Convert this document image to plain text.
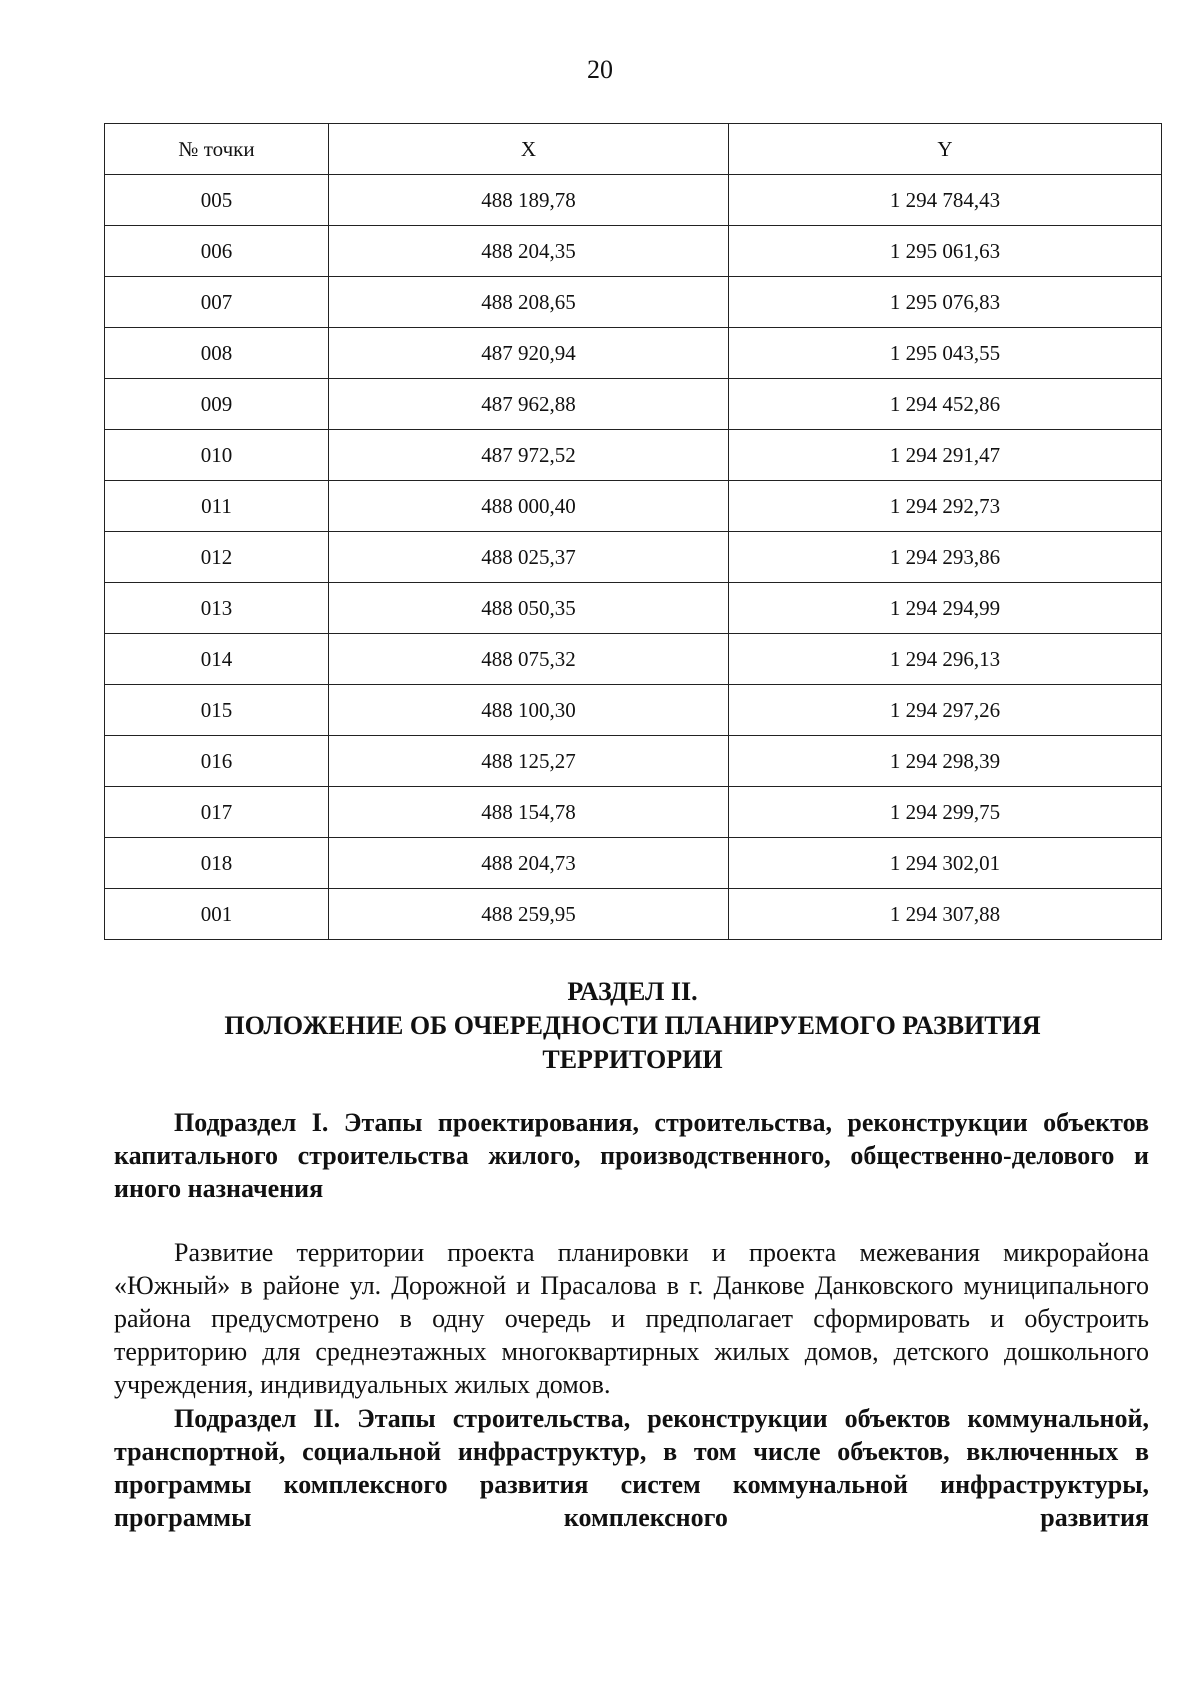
20
№ точки	X	Y
005	488 189,78	1 294 784,43
006	488 204,35	1 295 061,63
007	488 208,65	1 295 076,83
008	487 920,94	1 295 043,55
009	487 962,88	1 294 452,86
010	487 972,52	1 294 291,47
011	488 000,40	1 294 292,73
012	488 025,37	1 294 293,86
013	488 050,35	1 294 294,99
014	488 075,32	1 294 296,13
015	488 100,30	1 294 297,26
016	488 125,27	1 294 298,39
017	488 154,78	1 294 299,75
018	488 204,73	1 294 302,01
001	488 259,95	1 294 307,88
РАЗДЕЛ II.
ПОЛОЖЕНИЕ ОБ ОЧЕРЕДНОСТИ ПЛАНИРУЕМОГО РАЗВИТИЯ
ТЕРРИТОРИИ

Подраздел I. Этапы проектирования, строительства, реконструкции объектов капитального строительства жилого, производственного, общественно-делового и иного назначения

Развитие территории проекта планировки и проекта межевания микрорайона «Южный» в районе ул. Дорожной и Прасалова в г. Данкове Данковского муниципального района предусмотрено в одну очередь и предполагает сформировать и обустроить территорию для среднеэтажных многоквартирных жилых домов, детского дошкольного учреждения, индивидуальных жилых домов.

Подраздел II. Этапы строительства, реконструкции объектов коммунальной, транспортной, социальной инфраструктур, в том числе объектов, включенных в программы комплексного развития систем коммунальной инфраструктуры, программы комплексного развития
